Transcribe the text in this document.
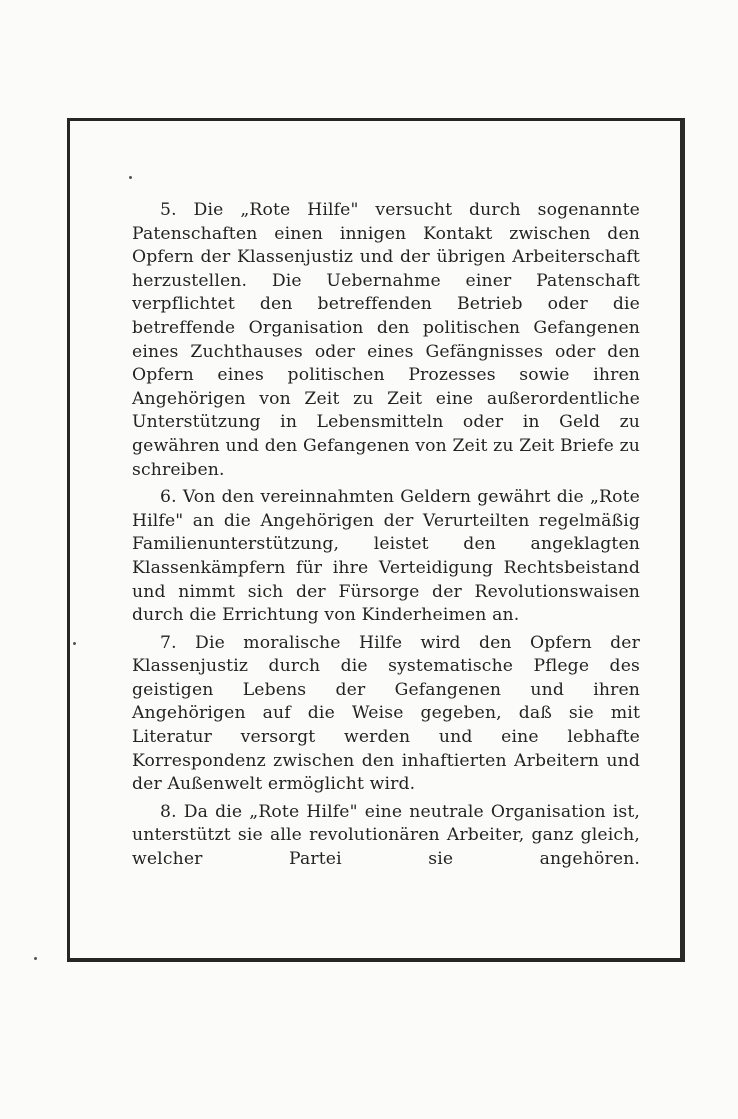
5. Die „Rote Hilfe" versucht durch sogenannte Patenschaften einen innigen Kontakt zwischen den Opfern der Klassenjustiz und der übrigen Arbeiterschaft herzustellen. Die Uebernahme einer Patenschaft verpflichtet den betreffenden Betrieb oder die betreffende Organisation den politischen Gefangenen eines Zuchthauses oder eines Gefängnisses oder den Opfern eines politischen Prozesses sowie ihren Angehörigen von Zeit zu Zeit eine außerordentliche Unterstützung in Lebensmitteln oder in Geld zu gewähren und den Gefangenen von Zeit zu Zeit Briefe zu schreiben.

6. Von den vereinnahmten Geldern gewährt die „Rote Hilfe" an die Angehörigen der Verurteilten regelmäßig Familienunterstützung, leistet den angeklagten Klassenkämpfern für ihre Verteidigung Rechtsbeistand und nimmt sich der Fürsorge der Revolutionswaisen durch die Errichtung von Kinderheimen an.

7. Die moralische Hilfe wird den Opfern der Klassenjustiz durch die systematische Pflege des geistigen Lebens der Gefangenen und ihren Angehörigen auf die Weise gegeben, daß sie mit Literatur versorgt werden und eine lebhafte Korrespondenz zwischen den inhaftierten Arbeitern und der Außenwelt ermöglicht wird.

8. Da die „Rote Hilfe" eine neutrale Organisation ist, unterstützt sie alle revolutionären Arbeiter, ganz gleich, welcher Partei sie angehören.
